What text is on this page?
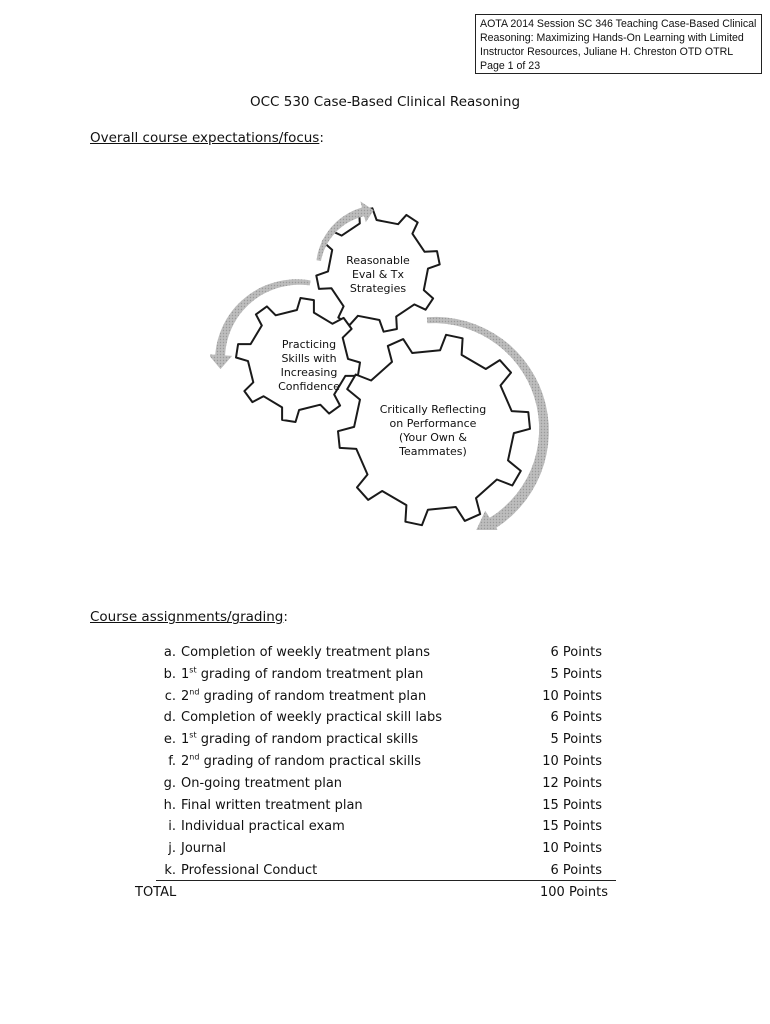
AOTA 2014 Session SC 346 Teaching Case-Based Clinical
Reasoning: Maximizing Hands-On Learning with Limited
Instructor Resources, Juliane H. Chreston OTD OTRL
Page 1 of 23
OCC 530 Case-Based Clinical Reasoning
Overall course expectations/focus:
Reasonable
Eval & Tx
Strategies
Practicing
Skills with
Increasing
Confidence
Critically Reflecting
on Performance
(Your Own &
Teammates)
Course assignments/grading:
a. Completion of weekly treatment plans	6 Points
b. 1st grading of random treatment plan	5 Points
c. 2nd grading of random treatment plan	10 Points
d. Completion of weekly practical skill labs	6 Points
e. 1st grading of random practical skills	5 Points
f. 2nd grading of random practical skills	10 Points
g. On-going treatment plan	12 Points
h. Final written treatment plan	15 Points
i. Individual practical exam	15 Points
j. Journal	10 Points
k. Professional Conduct	6 Points
TOTAL	100 Points
